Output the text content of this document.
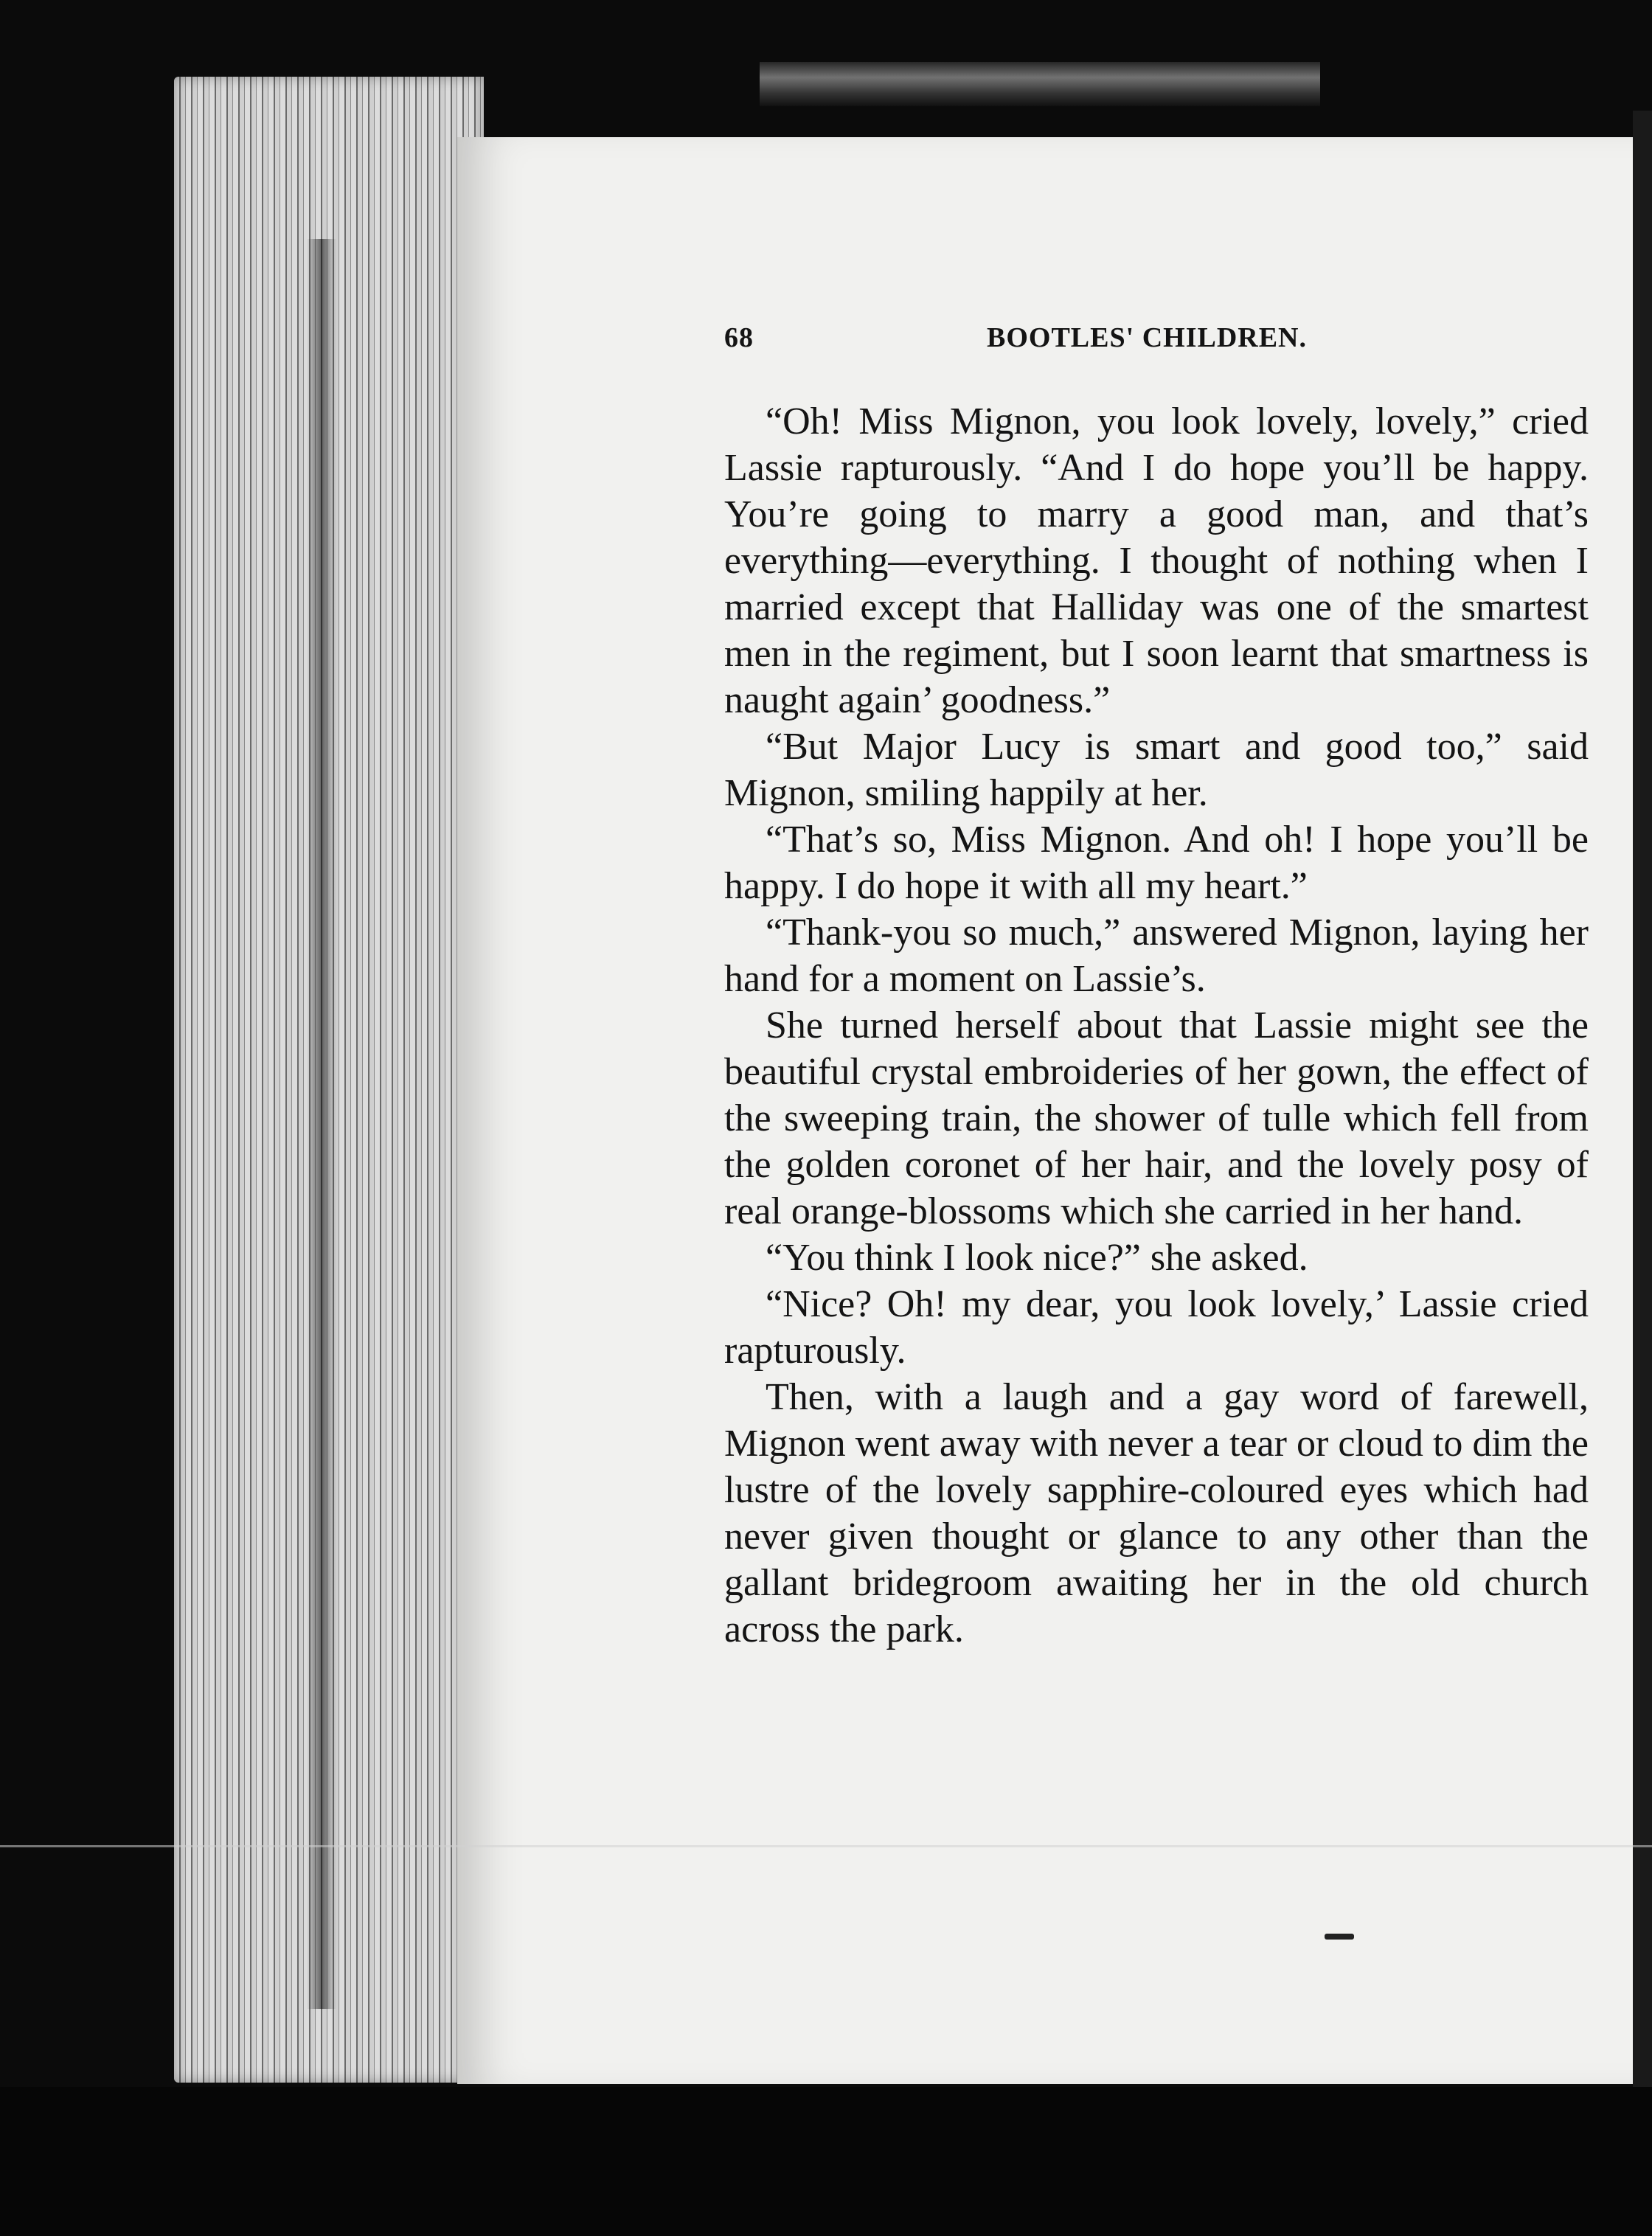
68	BOOTLES' CHILDREN.

“Oh! Miss Mignon, you look lovely, lovely,” cried Lassie rapturously. “And I do hope you’ll be happy. You’re going to marry a good man, and that’s everything—everything. I thought of nothing when I married except that Halliday was one of the smartest men in the regiment, but I soon learnt that smartness is naught again’ goodness.”

“But Major Lucy is smart and good too,” said Mignon, smiling happily at her.

“That’s so, Miss Mignon. And oh! I hope you’ll be happy. I do hope it with all my heart.”

“Thank-you so much,” answered Mignon, laying her hand for a moment on Lassie’s.

She turned herself about that Lassie might see the beautiful crystal embroideries of her gown, the effect of the sweeping train, the shower of tulle which fell from the golden coronet of her hair, and the lovely posy of real orange-blossoms which she carried in her hand.

“You think I look nice?” she asked.

“Nice? Oh! my dear, you look lovely,’ Lassie cried rapturously.

Then, with a laugh and a gay word of farewell, Mignon went away with never a tear or cloud to dim the lustre of the lovely sapphire-coloured eyes which had never given thought or glance to any other than the gallant bridegroom awaiting her in the old church across the park.
